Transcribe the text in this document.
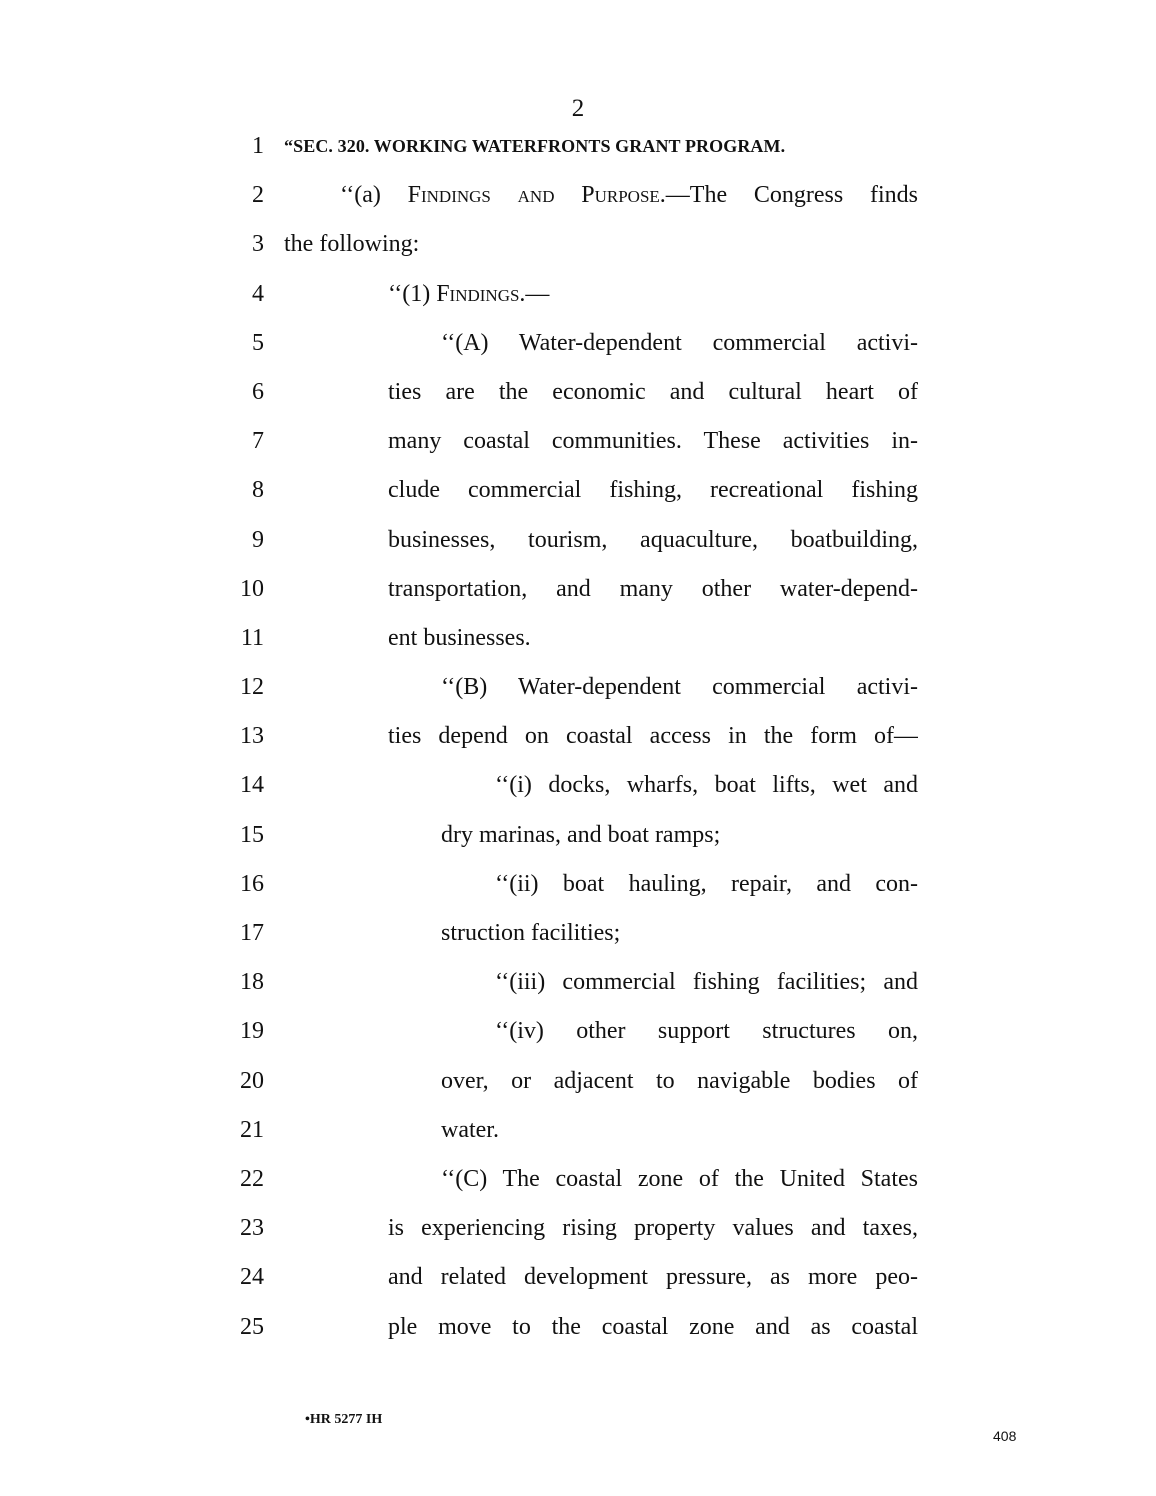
2
1 “SEC. 320. WORKING WATERFRONTS GRANT PROGRAM.
2	‘‘(a) Findings and Purpose.—The Congress finds
3 the following:
4	‘‘(1) Findings.—
5	‘‘(A) Water-dependent commercial activi-
6	ties are the economic and cultural heart of
7	many coastal communities. These activities in-
8	clude commercial fishing, recreational fishing
9	businesses, tourism, aquaculture, boatbuilding,
10	transportation, and many other water-depend-
11	ent businesses.
12	‘‘(B) Water-dependent commercial activi-
13	ties depend on coastal access in the form of—
14	‘‘(i) docks, wharfs, boat lifts, wet and
15	dry marinas, and boat ramps;
16	‘‘(ii) boat hauling, repair, and con-
17	struction facilities;
18	‘‘(iii) commercial fishing facilities; and
19	‘‘(iv) other support structures on,
20	over, or adjacent to navigable bodies of
21	water.
22	‘‘(C) The coastal zone of the United States
23	is experiencing rising property values and taxes,
24	and related development pressure, as more peo-
25	ple move to the coastal zone and as coastal
•HR 5277 IH
408
